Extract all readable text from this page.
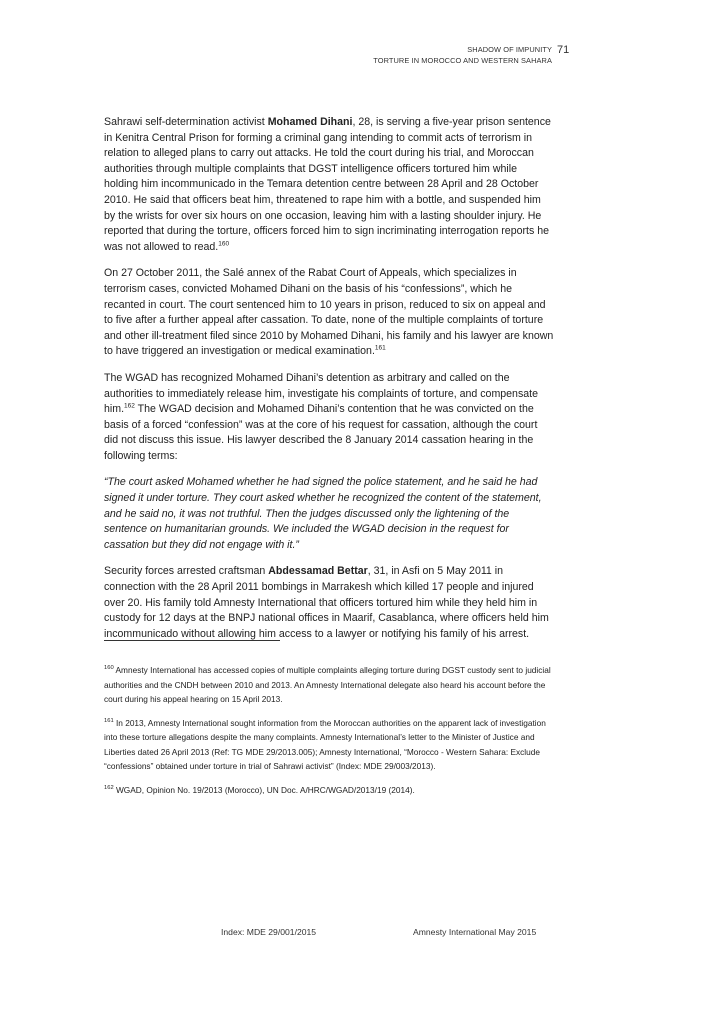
SHADOW OF IMPUNITY
TORTURE IN MOROCCO AND WESTERN SAHARA
71

Sahrawi self-determination activist Mohamed Dihani, 28, is serving a five-year prison sentence in Kenitra Central Prison for forming a criminal gang intending to commit acts of terrorism in relation to alleged plans to carry out attacks. He told the court during his trial, and Moroccan authorities through multiple complaints that DGST intelligence officers tortured him while holding him incommunicado in the Temara detention centre between 28 April and 28 October 2010. He said that officers beat him, threatened to rape him with a bottle, and suspended him by the wrists for over six hours on one occasion, leaving him with a lasting shoulder injury. He reported that during the torture, officers forced him to sign incriminating interrogation reports he was not allowed to read.$^{160}$

On 27 October 2011, the Salé annex of the Rabat Court of Appeals, which specializes in terrorism cases, convicted Mohamed Dihani on the basis of his “confessions”, which he recanted in court. The court sentenced him to 10 years in prison, reduced to six on appeal and to five after a further appeal after cassation. To date, none of the multiple complaints of torture and other ill-treatment filed since 2010 by Mohamed Dihani, his family and his lawyer are known to have triggered an investigation or medical examination.$^{161}$

The WGAD has recognized Mohamed Dihani’s detention as arbitrary and called on the authorities to immediately release him, investigate his complaints of torture, and compensate him.$^{162}$ The WGAD decision and Mohamed Dihani’s contention that he was convicted on the basis of a forced “confession” was at the core of his request for cassation, although the court did not discuss this issue. His lawyer described the 8 January 2014 cassation hearing in the following terms:

“The court asked Mohamed whether he had signed the police statement, and he said he had signed it under torture. They court asked whether he recognized the content of the statement, and he said no, it was not truthful. Then the judges discussed only the lightening of the sentence on humanitarian grounds. We included the WGAD decision in the request for cassation but they did not engage with it.”

Security forces arrested craftsman Abdessamad Bettar, 31, in Asfi on 5 May 2011 in connection with the 28 April 2011 bombings in Marrakesh which killed 17 people and injured over 20. His family told Amnesty International that officers tortured him while they held him in custody for 12 days at the BNPJ national offices in Maarif, Casablanca, where officers held him incommunicado without allowing him access to a lawyer or notifying his family of his arrest.

$^{160}$ Amnesty International has accessed copies of multiple complaints alleging torture during DGST custody sent to judicial authorities and the CNDH between 2010 and 2013. An Amnesty International delegate also heard his account before the court during his appeal hearing on 15 April 2013.

$^{161}$ In 2013, Amnesty International sought information from the Moroccan authorities on the apparent lack of investigation into these torture allegations despite the many complaints. Amnesty International’s letter to the Minister of Justice and Liberties dated 26 April 2013 (Ref: TG MDE 29/2013.005); Amnesty International, “Morocco - Western Sahara: Exclude “confessions” obtained under torture in trial of Sahrawi activist” (Index: MDE 29/003/2013).

$^{162}$ WGAD, Opinion No. 19/2013 (Morocco), UN Doc. A/HRC/WGAD/2013/19 (2014).

Index: MDE 29/001/2015	Amnesty International May 2015
